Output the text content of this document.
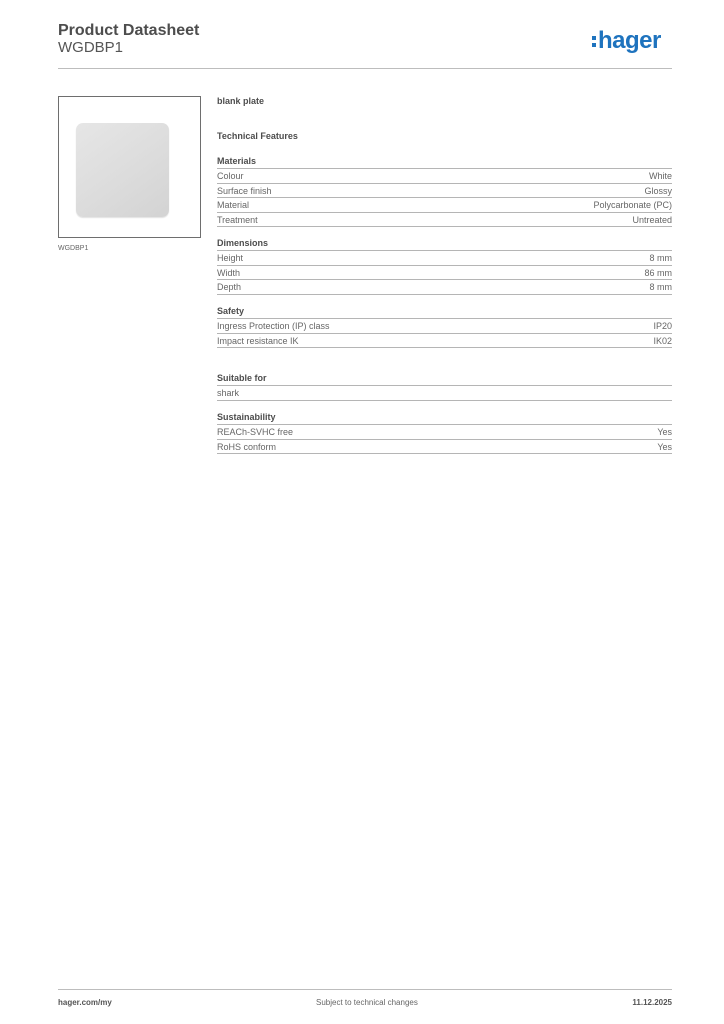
Product Datasheet
WGDBP1	hager
WGDBP1
blank plate
Technical Features
Materials
Colour	White
Surface finish	Glossy
Material	Polycarbonate (PC)
Treatment	Untreated
Dimensions
Height	8 mm
Width	86 mm
Depth	8 mm
Safety
Ingress Protection (IP) class	IP20
Impact resistance IK	IK02
Suitable for
shark
Sustainability
REACh-SVHC free	Yes
RoHS conform	Yes
hager.com/my	Subject to technical changes	11.12.2025
